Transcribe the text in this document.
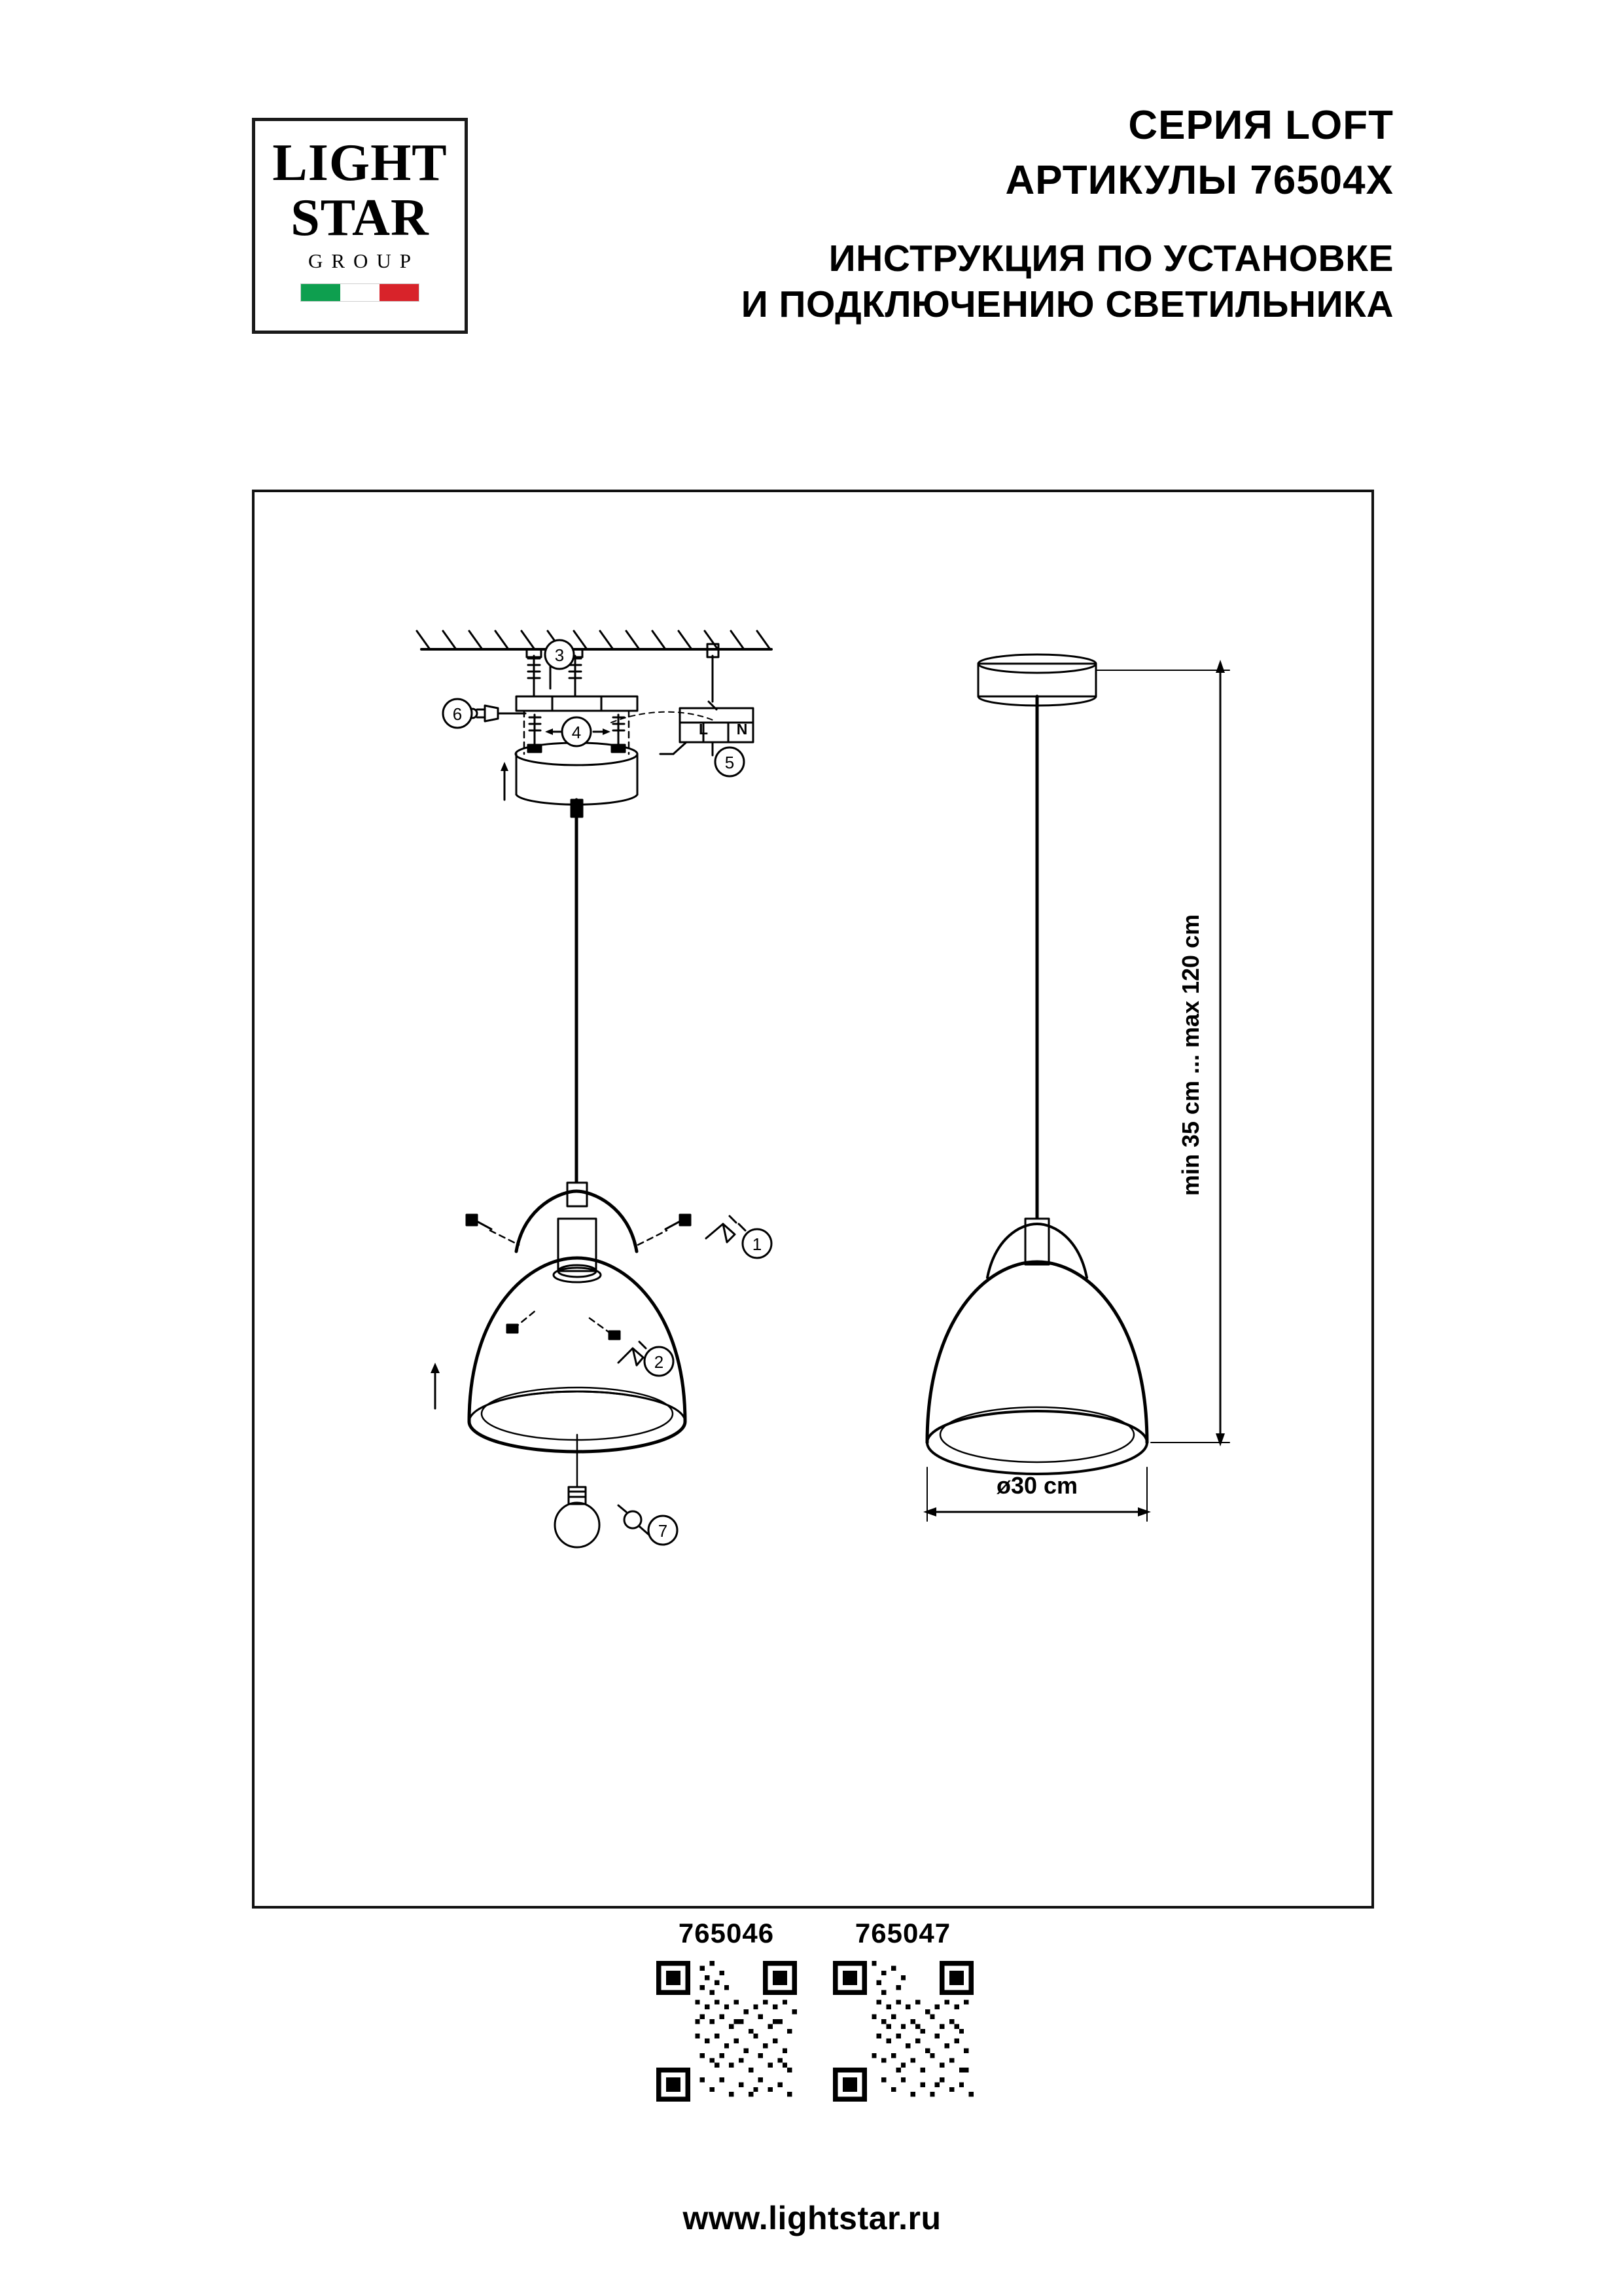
LIGHT
STAR
GROUP
СЕРИЯ LOFT
АРТИКУЛЫ 76504X
ИНСТРУКЦИЯ ПО УСТАНОВКЕ
И ПОДКЛЮЧЕНИЮ СВЕТИЛЬНИКА
L N
1
2
3
4
5
6
7
min 35 cm ... max 120 cm
ø30 cm
765046	765047
www.lightstar.ru
